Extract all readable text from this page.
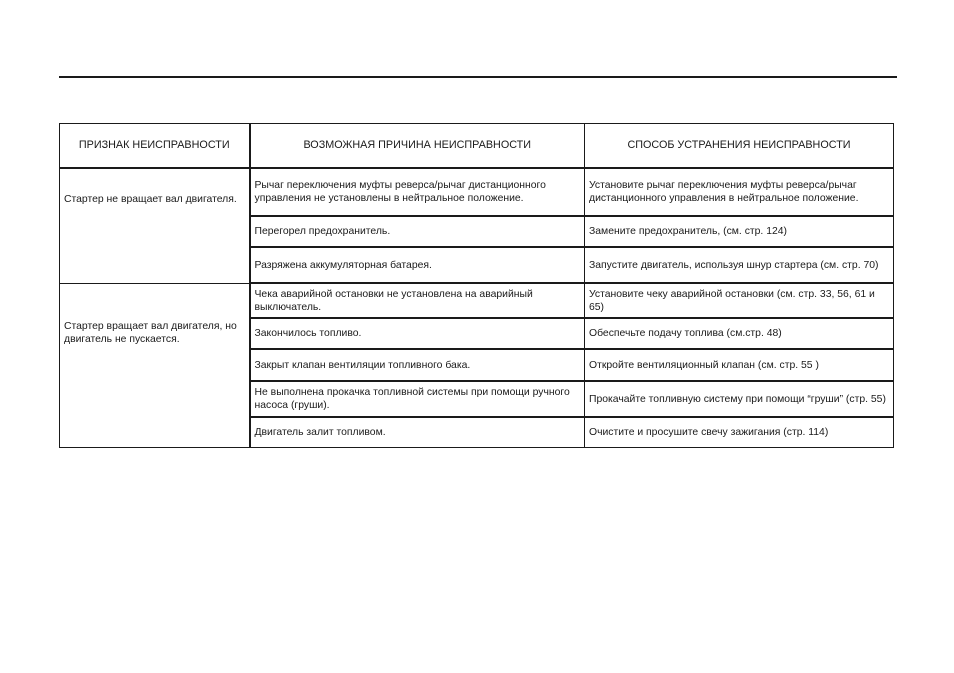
ПРИЗНАК НЕИСПРАВНОСТИ	ВОЗМОЖНАЯ ПРИЧИНА НЕИСПРАВНОСТИ	СПОСОБ УСТРАНЕНИЯ НЕИСПРАВНОСТИ
Стартер не вращает вал двигателя.	Рычаг переключения муфты реверса/рычаг дистанционного управления не установлены в нейтральное положение.	Установите рычаг переключения муфты реверса/рычаг дистанционного управления в нейтральное положение.
	Перегорел предохранитель.	Замените предохранитель, (см. стр. 124)
	Разряжена аккумуляторная батарея.	Запустите двигатель, используя шнур стартера (см. стр. 70)
Стартер вращает вал двигателя, но двигатель не пускается.	Чека аварийной остановки не установлена на аварийный выключатель.	Установите чеку аварийной остановки (см. стр. 33, 56, 61 и 65)
	Закончилось топливо.	Обеспечьте подачу топлива (см.стр. 48)
	Закрыт клапан вентиляции топливного бака.	Откройте вентиляционный клапан (см. стр. 55 )
	Не выполнена прокачка топливной системы при помощи ручного насоса (груши).	Прокачайте топливную систему при помощи “груши” (стр. 55)
	Двигатель залит топливом.	Очистите и просушите свечу зажигания (стр. 114)
